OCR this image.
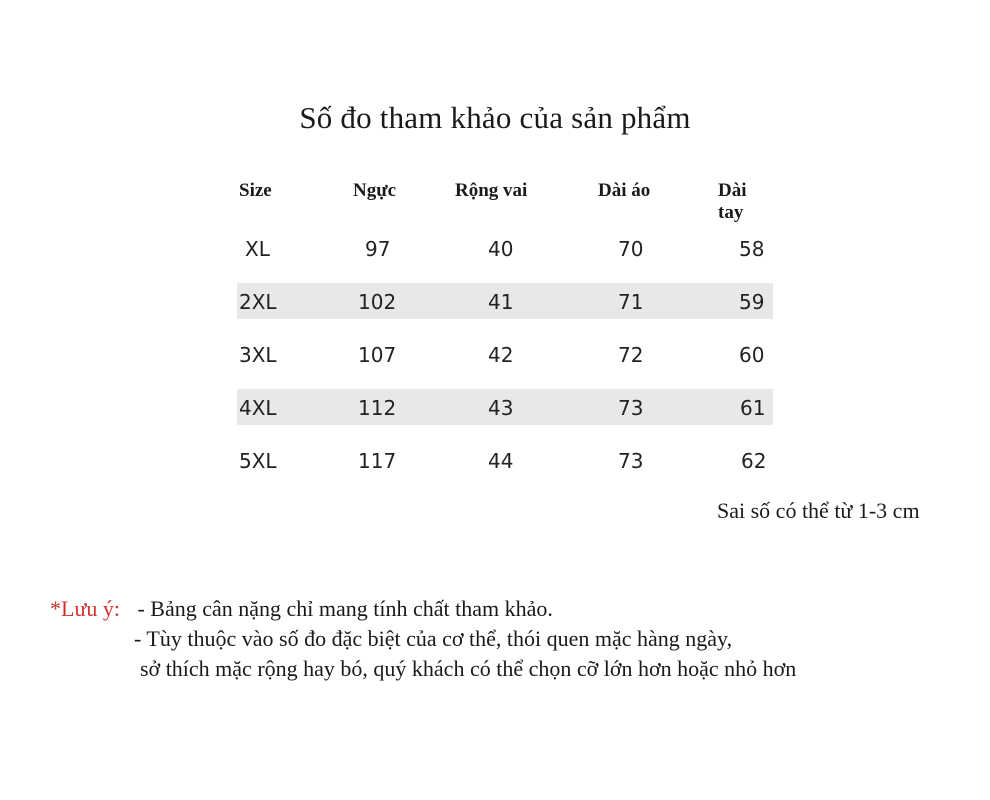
Số đo tham khảo của sản phẩm
Size	Ngực	Rộng vai	Dài áo	Dài tay
XL	97	40	70	58
2XL	102	41	71	59
3XL	107	42	72	60
4XL	112	43	73	61
5XL	117	44	73	62
Sai số có thể từ 1-3 cm
*Lưu ý: - Bảng cân nặng chỉ mang tính chất tham khảo.
- Tùy thuộc vào số đo đặc biệt của cơ thể, thói quen mặc hàng ngày,
sở thích mặc rộng hay bó, quý khách có thể chọn cỡ lớn hơn hoặc nhỏ hơn
